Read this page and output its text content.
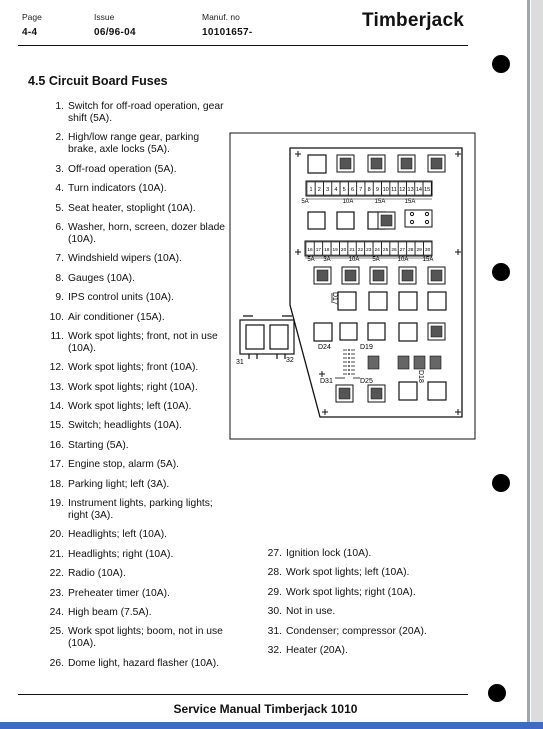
Page
4-4
Issue
06/96-04
Manuf. no
10101657-
Timberjack
4.5 Circuit Board Fuses
1. Switch for off-road operation, gear shift (5A).
2. High/low range gear, parking brake, axle locks (5A).
3. Off-road operation (5A).
4. Turn indicators (10A).
5. Seat heater, stoplight (10A).
6. Washer, horn, screen, dozer blade (10A).
7. Windshield wipers (10A).
8. Gauges (10A).
9. IPS control units (10A).
10. Air conditioner (15A).
11. Work spot lights; front, not in use (10A).
12. Work spot lights; front (10A).
13. Work spot lights; right (10A).
14. Work spot lights; left (10A).
15. Switch; headlights (10A).
16. Starting (5A).
17. Engine stop, alarm (5A).
18. Parking light; left (3A).
19. Instrument lights, parking lights; right (3A).
20. Headlights; left (10A).
21. Headlights; right (10A).
22. Radio (10A).
23. Preheater timer (10A).
24. High beam (7.5A).
25. Work spot lights; boom, not in use (10A).
26. Dome light, hazard flasher (10A).
27. Ignition lock (10A).
28. Work spot lights; left (10A).
29. Work spot lights; right (10A).
30. Not in use.
31. Condenser; compressor (20A).
32. Heater (20A).
1 2 3 4 5 6 7 8 9 10 11 12 13 14 15
16 17 18 19 20 21 22 23 24 25 26 27 28 29 30
5A	10A	15A	15A
5A 3A	10A 5A	10A 15A
D17
D24	D19
D31	D25	D18
31	32
Service Manual Timberjack 1010
